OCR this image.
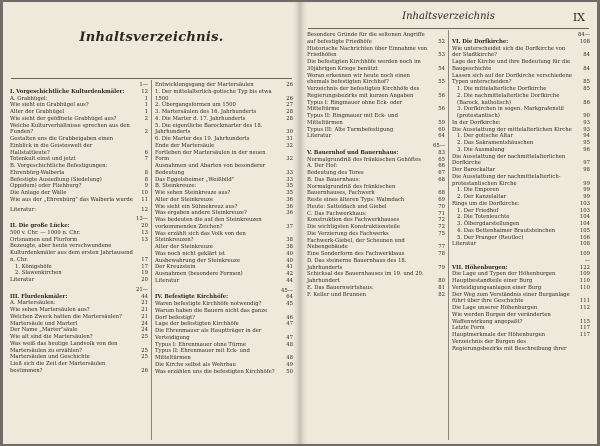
Inhaltsverzeichnis.
I. Vorgeschichtliche Kulturdenkmäler:
1—12
A. Grabhügel:	1
Wie sieht ein Grabhügel aus?	1
Alter der Grabhügel	1
Wie sieht der geöffnete Grabhügel aus?	2
Welche Kulturverhältnisse sprechen aus den Funden?	2
Gestalten uns die Grabbeigaben einen Einblick in die Geisteswelt der Hallstattleute?	6
Totenkult einst und jetzt	7
B. Vorgeschichtliche Befestigungen: Ehrenbürg-Walberla	8
Befestigte Ausiedlung (Siedelung)	8
Oppidum) oder Fliehburg?	9
Die Anlage der Wälle	10
Wie aus der „Ehrenbürg" das Walberla wurde	11
Literatur:	12
II. Die große Lücke:
13—20
500 v. Chr. — 1000 n. Chr.	13
Ortsnamen und Flurform	13
Bezeugte, aber heute verschwundene Kulturdenkmäler aus dem ersten Jahrtausend n. Chr.	17
1. Königshöfe	17
2. Slawenkirchen	19
Literatur	20
III. Flurdenkmäler:
21—44
A. Martersäulen:	21
Wie sehen Martersäulen aus?	21
Welchen Zweck hatten die Martersäulen?	21
Martersäule und Marterl	24
Der Name „Marter"säule	24
Wie alt sind die Martersäulen?	25
Was weiß das heutige Landvolk von den Martersäulen zu erzählen?	25
Martersäulen und Geschichte	25
Ließ sich die Zeit der Martersäulen bestimmen?	26
Entwicklungsgang der Martersäulen	26
1. Der mittelalterlich-gotische Typ bis etwa 1500	26
2. Übergangsformen um 1500	27
3. Martersäulen des 16. Jahrhunderts	28
4. Die Marter d. 17. Jahrhunderts	28
5. Die eigentliche Barockmarter des 18. Jahrhunderts	30
6. Die Marter des 19. Jahrhunderts	31
Ende der Martersäule	32
Fortleben der Martersäulen in der neuen Form	32
Ausnahmen und Abarten von besonderer Bedeutung	33
Das Eggolsheimer „Weißbild"	33
B. Steinkreuze:	35
Wie sehen Steinkreuze aus?	35
Alter der Steinkreuze	36
Wie sieht ein Sühnekreuz aus?	36
Was ergaben andere Steinkreuze?	36
Was bedeuten die auf den Steinkreuzen vorkommenden Zeichen?	37
Was erzählt sich das Volk von den Steinkreuzen?	38
Alter der Steinkreuze	38
Was noch nicht geklärt ist	40
Ausbewahrung der Steinkreuze	40
Der Kreuzstein	41
Ausnahmen (besondere Formen)	42
Literatur	44
IV. Befestigte Kirchhöfe:
45—64
Waren befestigte Kirchhöfe notwendig?	45
Warum haben die Bauern nicht das ganze Dorf befestigt?	46
Lage der befestigten Kirchhöfe	47
Die Ehrenmauer als Hauptträger in der Verteidigung	47
Typus I: Ehrenmauer ohne Türme	48
Typus II: Ehrenmauer mit Eck- und Mitteltürmen	48
Die Kirche selbst als Wehrbau	49
Was erzählen uns die befestigten Kirchhöfe?	50
Inhaltsverzeichnis	IX
Besondere Gründe für die seltenen Angriffe auf befestigte Friedhöfe	52
Historische Nachrichten über Einnahme von Friedhöfen	53
Die befestigten Kirchhöfe werden noch im 30jährigen Kriege benützt	54
Woran erkennen wir heute noch einen ehemals befestigten Kirchhof?	55
Verzeichnis der befestigten Kirchhöfe des Regierungsbezirks mit kurzen Angaben	56
Typus I: Ringmauer ohne Eck- oder Mitteltürme	56
Typus II: Ringmauer mit Eck- und Mitteltürmen	59
Typus III: Alte Turmbefestigung	60
Literatur	64
V. Bauernhof und Bauernhaus:
65—83
Normalgrundriß des fränkischen Gehöftes	65
A. Der Hof:	66
Bedeutung des Tores	67
B. Das Bauernhaus:	68
Normalgrundriß des fränkischen Bauernhauses, Fachwerk	68
Reste eines älteren Typs: Walmdach	69
Heute: Satteldach und Giebel	70
C. Das Fachwerkhaus:	71
Konstruktion des Fachwerkhauses	72
Die wichtigsten Konstruktionsteile	72
Die Verzierung des Fachwerks	75
Fachwerk-Giebel, der Scheunen und Nebengebäude	77
Eine Sonderform des Fachwerkbaus	78
D. Das steinerne Bauernhaus des 18. Jahrhunderts	79
Schicksal des Bauernhauses im 19. und 20. Jahrhundert	80
E. Das Bauernwirtshaus:	81
F. Keller und Brunnen	82
VI. Die Dorfkirche:
84—108
Wie unterscheidet sich die Dorfkirche von der Stadtkirche?	84
Lage der Kirche und ihre Bedeutung für die Baugeschichte	84
Lassen sich auf der Dorfkirche verschiedene Typen unterscheiden?	85
1. Die mittelalterliche Dorfkirche	85
2. Die nachmittelalterliche Dorfkirche (Barock, katholisch)	86
3. Dorfkirchen in sogen. Markgrafenstil (protestantisch)	90
In der Dorfkirche:	93
Die Ausstattung der mittelalterlichen Kirche	93
1. Der gotische Altar	94
2. Das Sakramentshäuschen	95
3. Die Ausmalung	96
Die Ausstattung der nachmittelalterlichen Dorfkirche	97
Der Barockaltar	98
Die Ausstattung der nachmittelalterlich-protestantischen Kirche	99
1. Die Emporen	99
2. Der Kanzelaltar	99
Rings um die Dorfkirche:	103
1. Der Friedhof	103
2. Die Totenleuchte	104
3. Ölbergdarstellungen	104
4. Das Bettenhaimer Brautsteinchen	105
5. Der Pranger (Reutloc)	106
Literatur	108
VII. Höhenburgen:
109—122
Die Lage und Typen der Höhenburgen	109
Hauptbestandteile einer Burg	110
Verteidigungsanlagen einer Burg	110
Der Weg zum Verständnis einer Burganlage führt über ihre Geschichte	111
Die Lage unserer Höhenburgen	112
Wie werden Burgen der veränderten Waffenwirkung angepaßt?	115
Letzte Form	117
Hauptmerkmale der Höhenburgen	117
Verzeichnis der Burgen des Regierungsbezirks mit Beschreibung ihrer
